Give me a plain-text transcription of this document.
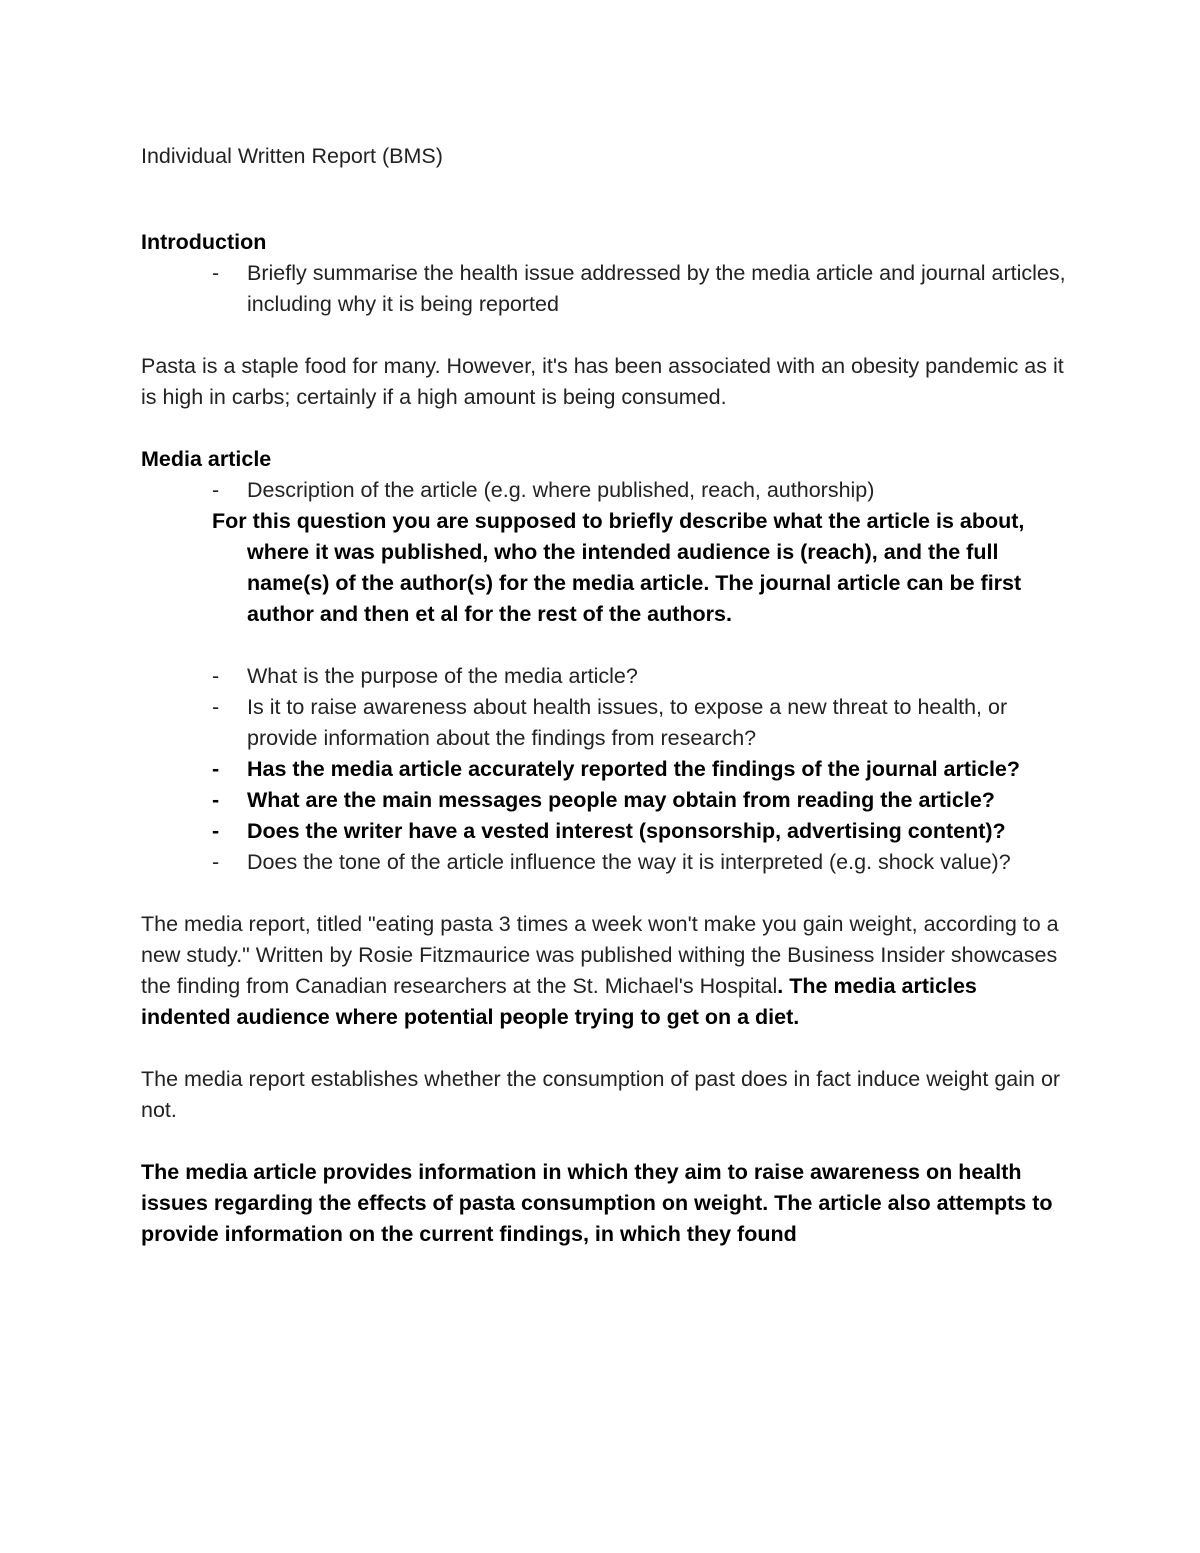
Individual Written Report (BMS)

Introduction

- Briefly summarise the health issue addressed by the media article and journal articles, including why it is being reported

Pasta is a staple food for many. However, it's has been associated with an obesity pandemic as it is high in carbs; certainly if a high amount is being consumed.

Media article

- Description of the article (e.g. where published, reach, authorship)

For this question you are supposed to briefly describe what the article is about, where it was published, who the intended audience is (reach), and the full name(s) of the author(s) for the media article. The journal article can be first author and then et al for the rest of the authors.

- What is the purpose of the media article?
- Is it to raise awareness about health issues, to expose a new threat to health, or provide information about the findings from research?
- Has the media article accurately reported the findings of the journal article?
- What are the main messages people may obtain from reading the article?
- Does the writer have a vested interest (sponsorship, advertising content)?
- Does the tone of the article influence the way it is interpreted (e.g. shock value)?

The media report, titled "eating pasta 3 times a week won't make you gain weight, according to a new study." Written by Rosie Fitzmaurice was published withing the Business Insider showcases the finding from Canadian researchers at the St. Michael's Hospital. The media articles indented audience where potential people trying to get on a diet.

The media report establishes whether the consumption of past does in fact induce weight gain or not.

The media article provides information in which they aim to raise awareness on health issues regarding the effects of pasta consumption on weight. The article also attempts to provide information on the current findings, in which they found
